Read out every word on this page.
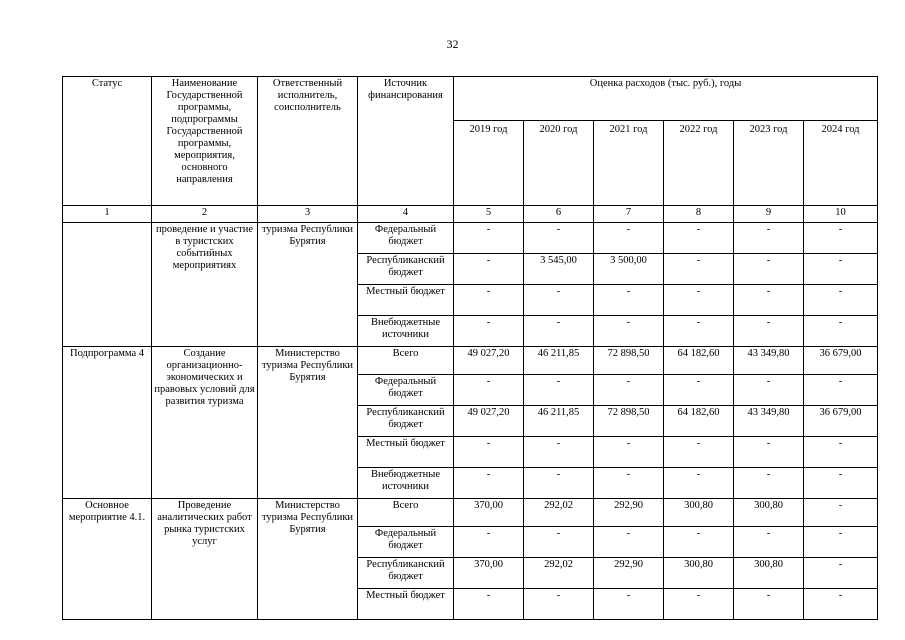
32
Статус	Наименование Государственной программы, подпрограммы Государственной программы, мероприятия, основного направления	Ответственный исполнитель, соисполнитель	Источник финансирования	Оценка расходов (тыс. руб.), годы					
				2019 год	2020 год	2021 год	2022 год	2023 год	2024 год
1	2	3	4	5	6	7	8	9	10
	проведение и участие в туристских событийных мероприятиях	туризма Республики Бурятия	Федеральный бюджет	-	-	-	-	-	-
			Республиканский бюджет	-	3 545,00	3 500,00	-	-	-
			Местный бюджет	-	-	-	-	-	-
			Внебюджетные источники	-	-	-	-	-	-
Подпрограмма 4	Создание организационно-экономических и правовых условий для развития туризма	Министерство туризма Республики Бурятия	Всего	49 027,20	46 211,85	72 898,50	64 182,60	43 349,80	36 679,00
			Федеральный бюджет	-	-	-	-	-	-
			Республиканский бюджет	49 027,20	46 211,85	72 898,50	64 182,60	43 349,80	36 679,00
			Местный бюджет	-	-	-	-	-	-
			Внебюджетные источники	-	-	-	-	-	-
Основное мероприятие 4.1.	Проведение аналитических работ рынка туристских услуг	Министерство туризма Республики Бурятия	Всего	370,00	292,02	292,90	300,80	300,80	-
			Федеральный бюджет	-	-	-	-	-	-
			Республиканский бюджет	370,00	292,02	292,90	300,80	300,80	-
			Местный бюджет	-	-	-	-	-	-
